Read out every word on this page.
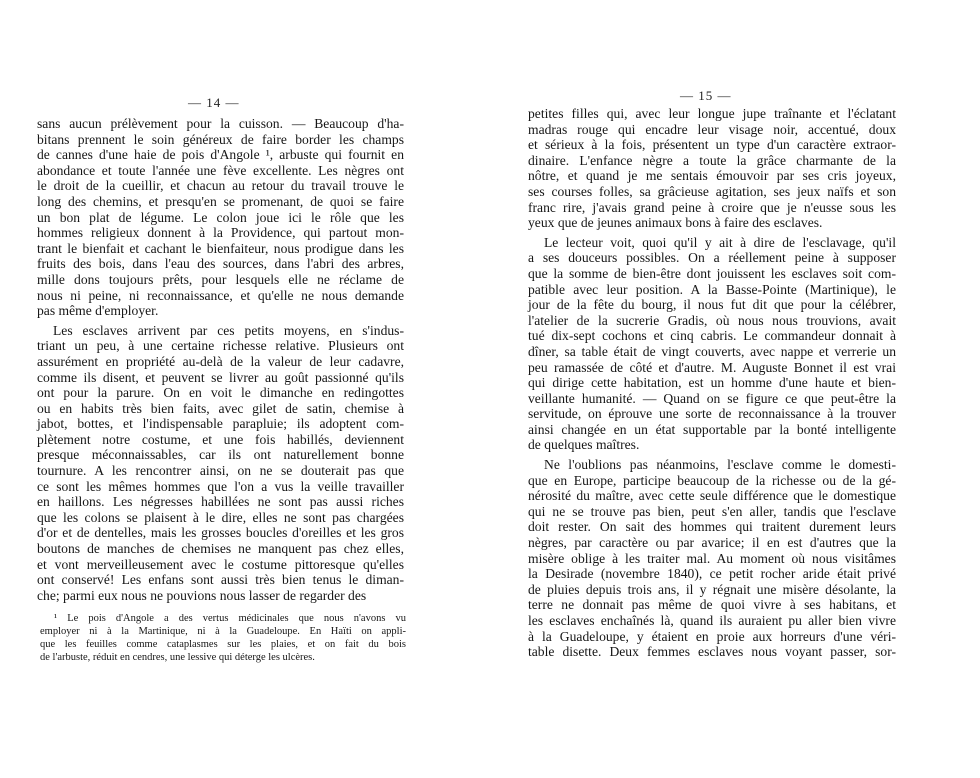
— 14 —
sans aucun prélèvement pour la cuisson. — Beaucoup d'ha-
bitans prennent le soin généreux de faire border les champs
de cannes d'une haie de pois d'Angole ¹, arbuste qui fournit en
abondance et toute l'année une fève excellente. Les nègres ont
le droit de la cueillir, et chacun au retour du travail trouve le
long des chemins, et presqu'en se promenant, de quoi se faire
un bon plat de légume. Le colon joue ici le rôle que les
hommes religieux donnent à la Providence, qui partout mon-
trant le bienfait et cachant le bienfaiteur, nous prodigue dans les
fruits des bois, dans l'eau des sources, dans l'abri des arbres,
mille dons toujours prêts, pour lesquels elle ne réclame de
nous ni peine, ni reconnaissance, et qu'elle ne nous demande
pas même d'employer.
Les esclaves arrivent par ces petits moyens, en s'indus-
triant un peu, à une certaine richesse relative. Plusieurs ont
assurément en propriété au-delà de la valeur de leur cadavre,
comme ils disent, et peuvent se livrer au goût passionné qu'ils
ont pour la parure. On en voit le dimanche en redingottes
ou en habits très bien faits, avec gilet de satin, chemise à
jabot, bottes, et l'indispensable parapluie; ils adoptent com-
plètement notre costume, et une fois habillés, deviennent
presque méconnaissables, car ils ont naturellement bonne
tournure. A les rencontrer ainsi, on ne se douterait pas que
ce sont les mêmes hommes que l'on a vus la veille travailler
en haillons. Les négresses habillées ne sont pas aussi riches
que les colons se plaisent à le dire, elles ne sont pas chargées
d'or et de dentelles, mais les grosses boucles d'oreilles et les gros
boutons de manches de chemises ne manquent pas chez elles,
et vont merveilleusement avec le costume pittoresque qu'elles
ont conservé! Les enfans sont aussi très bien tenus le diman-
che; parmi eux nous ne pouvions nous lasser de regarder des
¹ Le pois d'Angole a des vertus médicinales que nous n'avons vu
employer ni à la Martinique, ni à la Guadeloupe. En Haïti on appli-
que les feuilles comme cataplasmes sur les plaies, et on fait du bois
de l'arbuste, réduit en cendres, une lessive qui déterge les ulcères.
— 15 —
petites filles qui, avec leur longue jupe traînante et l'éclatant
madras rouge qui encadre leur visage noir, accentué, doux
et sérieux à la fois, présentent un type d'un caractère extraor-
dinaire. L'enfance nègre a toute la grâce charmante de la
nôtre, et quand je me sentais émouvoir par ses cris joyeux,
ses courses folles, sa grâcieuse agitation, ses jeux naïfs et son
franc rire, j'avais grand peine à croire que je n'eusse sous les
yeux que de jeunes animaux bons à faire des esclaves.
Le lecteur voit, quoi qu'il y ait à dire de l'esclavage, qu'il
a ses douceurs possibles. On a réellement peine à supposer
que la somme de bien-être dont jouissent les esclaves soit com-
patible avec leur position. A la Basse-Pointe (Martinique), le
jour de la fête du bourg, il nous fut dit que pour la célébrer,
l'atelier de la sucrerie Gradis, où nous nous trouvions, avait
tué dix-sept cochons et cinq cabris. Le commandeur donnait à
dîner, sa table était de vingt couverts, avec nappe et verrerie un
peu ramassée de côté et d'autre. M. Auguste Bonnet il est vrai
qui dirige cette habitation, est un homme d'une haute et bien-
veillante humanité. — Quand on se figure ce que peut-être la
servitude, on éprouve une sorte de reconnaissance à la trouver
ainsi changée en un état supportable par la bonté intelligente
de quelques maîtres.
Ne l'oublions pas néanmoins, l'esclave comme le domesti-
que en Europe, participe beaucoup de la richesse ou de la gé-
nérosité du maître, avec cette seule différence que le domestique
qui ne se trouve pas bien, peut s'en aller, tandis que l'esclave
doit rester. On sait des hommes qui traitent durement leurs
nègres, par caractère ou par avarice; il en est d'autres que la
misère oblige à les traiter mal. Au moment où nous visitâmes
la Desirade (novembre 1840), ce petit rocher aride était privé
de pluies depuis trois ans, il y régnait une misère désolante, la
terre ne donnait pas même de quoi vivre à ses habitans, et
les esclaves enchaînés là, quand ils auraient pu aller bien vivre
à la Guadeloupe, y étaient en proie aux horreurs d'une véri-
table disette. Deux femmes esclaves nous voyant passer, sor-
